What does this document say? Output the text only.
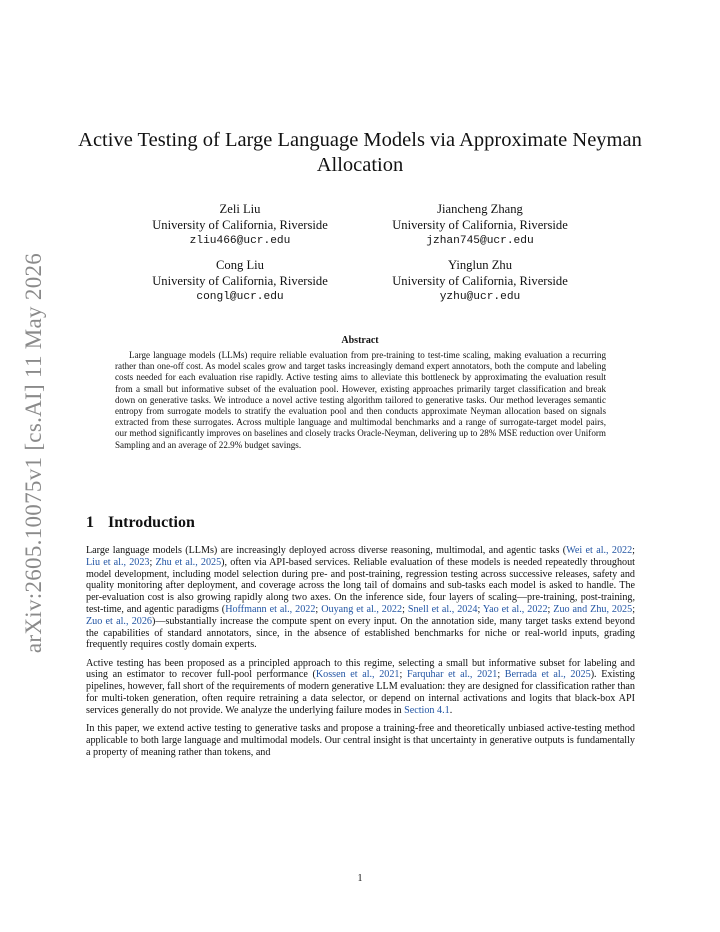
arXiv:2605.10075v1 [cs.AI] 11 May 2026
Active Testing of Large Language Models via Approximate Neyman Allocation
Zeli Liu
University of California, Riverside
zliu466@ucr.edu
Jiancheng Zhang
University of California, Riverside
jzhan745@ucr.edu
Cong Liu
University of California, Riverside
congl@ucr.edu
Yinglun Zhu
University of California, Riverside
yzhu@ucr.edu
Abstract

Large language models (LLMs) require reliable evaluation from pre-training to test-time scaling, making evaluation a recurring rather than one-off cost. As model scales grow and target tasks increasingly demand expert annotators, both the compute and labeling costs needed for each evaluation rise rapidly. Active testing aims to alleviate this bottleneck by approximating the evaluation result from a small but informative subset of the evaluation pool. However, existing approaches primarily target classification and break down on generative tasks. We introduce a novel active testing algorithm tailored to generative tasks. Our method leverages semantic entropy from surrogate models to stratify the evaluation pool and then conducts approximate Neyman allocation based on signals extracted from these surrogates. Across multiple language and multimodal benchmarks and a range of surrogate-target model pairs, our method significantly improves on baselines and closely tracks Oracle-Neyman, delivering up to 28% MSE reduction over Uniform Sampling and an average of 22.9% budget savings.

1 Introduction

Large language models (LLMs) are increasingly deployed across diverse reasoning, multimodal, and agentic tasks (Wei et al., 2022; Liu et al., 2023; Zhu et al., 2025), often via API-based services. Reliable evaluation of these models is needed repeatedly throughout model development, including model selection during pre- and post-training, regression testing across successive releases, safety and quality monitoring after deployment, and coverage across the long tail of domains and sub-tasks each model is asked to handle. The per-evaluation cost is also growing rapidly along two axes. On the inference side, four layers of scaling—pre-training, post-training, test-time, and agentic paradigms (Hoffmann et al., 2022; Ouyang et al., 2022; Snell et al., 2024; Yao et al., 2022; Zuo and Zhu, 2025; Zuo et al., 2026)—substantially increase the compute spent on every input. On the annotation side, many target tasks extend beyond the capabilities of standard annotators, since, in the absence of established benchmarks for niche or real-world inputs, grading frequently requires costly domain experts.

Active testing has been proposed as a principled approach to this regime, selecting a small but informative subset for labeling and using an estimator to recover full-pool performance (Kossen et al., 2021; Farquhar et al., 2021; Berrada et al., 2025). Existing pipelines, however, fall short of the requirements of modern generative LLM evaluation: they are designed for classification rather than for multi-token generation, often require retraining a data selector, or depend on internal activations and logits that black-box API services generally do not provide. We analyze the underlying failure modes in Section 4.1.

In this paper, we extend active testing to generative tasks and propose a training-free and theoretically unbiased active-testing method applicable to both large language and multimodal models. Our central insight is that uncertainty in generative outputs is fundamentally a property of meaning rather than tokens, and

1
